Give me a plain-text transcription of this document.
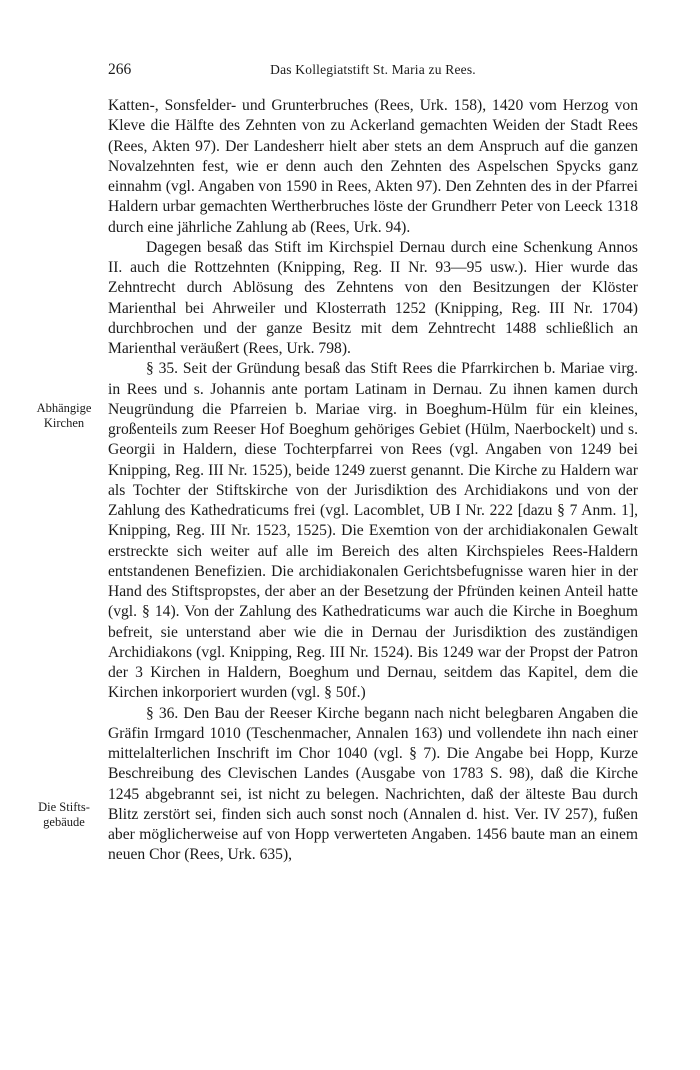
266	Das Kollegiatstift St. Maria zu Rees.
Abhängige Kirchen
Die Stifts-gebäude

Katten-, Sonsfelder- und Grunterbruches (Rees, Urk. 158), 1420 vom Herzog von Kleve die Hälfte des Zehnten von zu Ackerland gemachten Weiden der Stadt Rees (Rees, Akten 97). Der Landesherr hielt aber stets an dem Anspruch auf die ganzen Novalzehnten fest, wie er denn auch den Zehnten des Aspelschen Spycks ganz einnahm (vgl. Angaben von 1590 in Rees, Akten 97). Den Zehnten des in der Pfarrei Haldern urbar gemachten Wertherbruches löste der Grundherr Peter von Leeck 1318 durch eine jährliche Zahlung ab (Rees, Urk. 94).

Dagegen besaß das Stift im Kirchspiel Dernau durch eine Schenkung Annos II. auch die Rottzehnten (Knipping, Reg. II Nr. 93—95 usw.). Hier wurde das Zehntrecht durch Ablösung des Zehntens von den Besitzungen der Klöster Marienthal bei Ahrweiler und Klosterrath 1252 (Knipping, Reg. III Nr. 1704) durchbrochen und der ganze Besitz mit dem Zehntrecht 1488 schließlich an Marienthal veräußert (Rees, Urk. 798).

§ 35. Seit der Gründung besaß das Stift Rees die Pfarrkirchen b. Mariae virg. in Rees und s. Johannis ante portam Latinam in Dernau. Zu ihnen kamen durch Neugründung die Pfarreien b. Mariae virg. in Boeghum-Hülm für ein kleines, großenteils zum Reeser Hof Boeghum gehöriges Gebiet (Hülm, Naerbockelt) und s. Georgii in Haldern, diese Tochterpfarrei von Rees (vgl. Angaben von 1249 bei Knipping, Reg. III Nr. 1525), beide 1249 zuerst genannt. Die Kirche zu Haldern war als Tochter der Stiftskirche von der Jurisdiktion des Archidiakons und von der Zahlung des Kathedraticums frei (vgl. Lacomblet, UB I Nr. 222 [dazu § 7 Anm. 1], Knipping, Reg. III Nr. 1523, 1525). Die Exemtion von der archidiakonalen Gewalt erstreckte sich weiter auf alle im Bereich des alten Kirchspieles Rees-Haldern entstandenen Benefizien. Die archidiakonalen Gerichtsbefugnisse waren hier in der Hand des Stiftspropstes, der aber an der Besetzung der Pfründen keinen Anteil hatte (vgl. § 14). Von der Zahlung des Kathedraticums war auch die Kirche in Boeghum befreit, sie unterstand aber wie die in Dernau der Jurisdiktion des zuständigen Archidiakons (vgl. Knipping, Reg. III Nr. 1524). Bis 1249 war der Propst der Patron der 3 Kirchen in Haldern, Boeghum und Dernau, seitdem das Kapitel, dem die Kirchen inkorporiert wurden (vgl. § 50f.)

§ 36. Den Bau der Reeser Kirche begann nach nicht belegbaren Angaben die Gräfin Irmgard 1010 (Teschenmacher, Annalen 163) und vollendete ihn nach einer mittelalterlichen Inschrift im Chor 1040 (vgl. § 7). Die Angabe bei Hopp, Kurze Beschreibung des Clevischen Landes (Ausgabe von 1783 S. 98), daß die Kirche 1245 abgebrannt sei, ist nicht zu belegen. Nachrichten, daß der älteste Bau durch Blitz zerstört sei, finden sich auch sonst noch (Annalen d. hist. Ver. IV 257), fußen aber möglicherweise auf von Hopp verwerteten Angaben. 1456 baute man an einem neuen Chor (Rees, Urk. 635),
